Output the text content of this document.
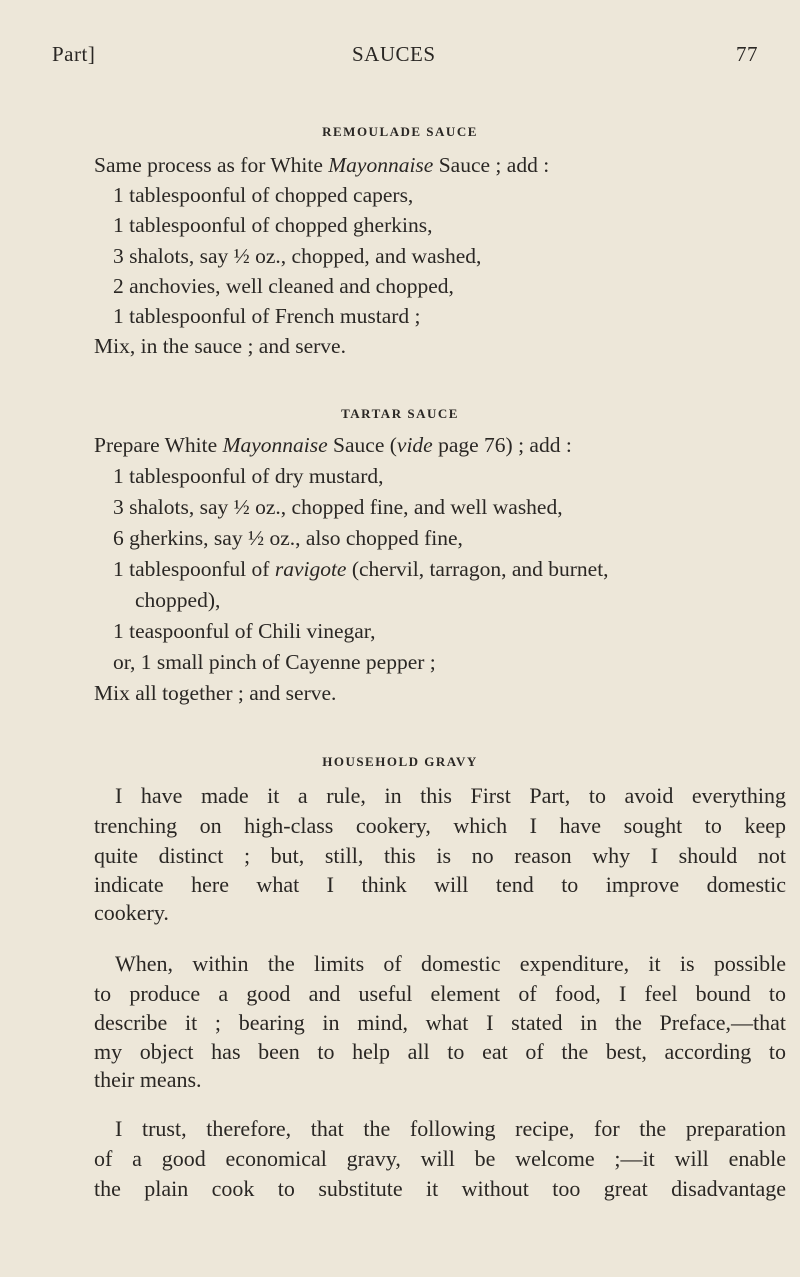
Part]	SAUCES	77
REMOULADE SAUCE
Same process as for White Mayonnaise Sauce ; add :
1 tablespoonful of chopped capers,
1 tablespoonful of chopped gherkins,
3 shalots, say ½ oz., chopped, and washed,
2 anchovies, well cleaned and chopped,
1 tablespoonful of French mustard ;
Mix, in the sauce ; and serve.
TARTAR SAUCE
Prepare White Mayonnaise Sauce (vide page 76) ; add :
1 tablespoonful of dry mustard,
3 shalots, say ½ oz., chopped fine, and well washed,
6 gherkins, say ½ oz., also chopped fine,
1 tablespoonful of ravigote (chervil, tarragon, and burnet,
chopped),
1 teaspoonful of Chili vinegar,
or, 1 small pinch of Cayenne pepper ;
Mix all together ; and serve.
HOUSEHOLD GRAVY
I have made it a rule, in this First Part, to avoid everything
trenching on high-class cookery, which I have sought to keep
quite distinct ; but, still, this is no reason why I should not
indicate here what I think will tend to improve domestic
cookery.
When, within the limits of domestic expenditure, it is possible
to produce a good and useful element of food, I feel bound to
describe it ; bearing in mind, what I stated in the Preface,—that
my object has been to help all to eat of the best, according to
their means.
I trust, therefore, that the following recipe, for the preparation
of a good economical gravy, will be welcome ;—it will enable
the plain cook to substitute it without too great disadvantage
